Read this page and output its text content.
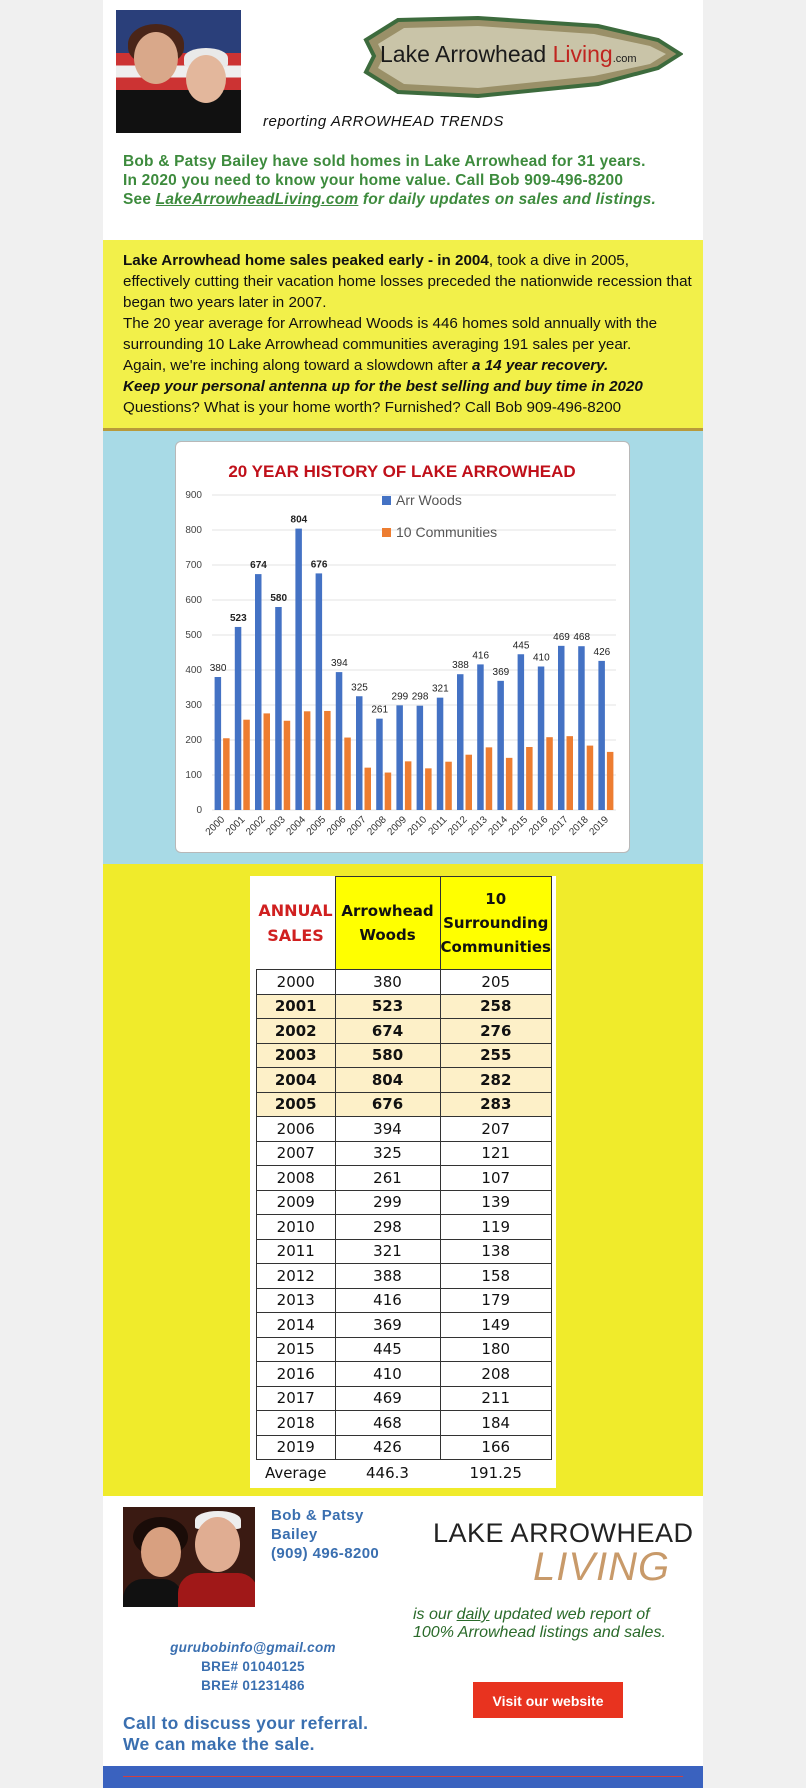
Lake Arrowhead Living.com
reporting ARROWHEAD TRENDS
Bob & Patsy Bailey have sold homes in Lake Arrowhead for 31 years.
In 2020 you need to know your home value. Call Bob 909-496-8200
See LakeArrowheadLiving.com for daily updates on sales and listings.

Lake Arrowhead home sales peaked early - in 2004, took a dive in 2005, effectively cutting their vacation home losses preceded the nationwide recession that began two years later in 2007.

The 20 year average for Arrowhead Woods is 446 homes sold annually with the surrounding 10 Lake Arrowhead communities averaging 191 sales per year.

Again, we're inching along toward a slowdown after a 14 year recovery.

Keep your personal antenna up for the best selling and buy time in 2020

Questions? What is your home worth? Furnished? Call Bob 909-496-8200

20 YEAR HISTORY OF LAKE ARROWHEAD
0
100
200
300
400
500
600
700
800
900
380
2000
523
2001
674
2002
580
2003
804
2004
676
2005
394
2006
325
2007
261
2008
299
2009
298
2010
321
2011
388
2012
416
2013
369
2014
445
2015
410
2016
469
2017
468
2018
426
2019
Arr Woods
10 Communities
ANNUAL SALES	Arrowhead Woods	10 Surrounding Communities
2000	380	205
2001	523	258
2002	674	276
2003	580	255
2004	804	282
2005	676	283
2006	394	207
2007	325	121
2008	261	107
2009	299	139
2010	298	119
2011	321	138
2012	388	158
2013	416	179
2014	369	149
2015	445	180
2016	410	208
2017	469	211
2018	468	184
2019	426	166
Average	446.3	191.25
Bob & Patsy Bailey
(909) 496-8200
LAKE ARROWHEAD
LIVING
is our daily updated web report of 100% Arrowhead listings and sales.
gurubobinfo@gmail.com
BRE# 01040125
BRE# 01231486
Visit our website
Call to discuss your referral.
We can make the sale.
